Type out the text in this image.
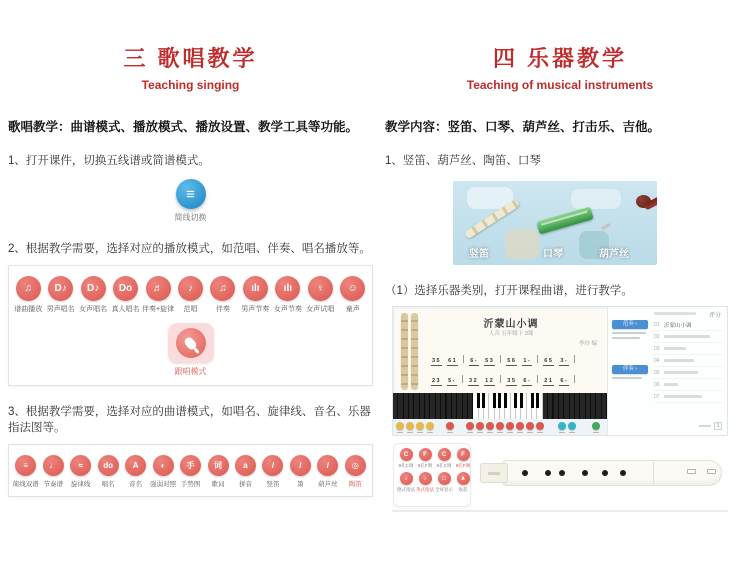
三 歌唱教学
Teaching singing

歌唱教学：曲谱模式、播放模式、播放设置、教学工具等功能。

1、打开课件，切换五线谱或简谱模式。

≡
简线切换

2、根据教学需要，选择对应的播放模式，如范唱、伴奏、唱名播放等。

♫
谱曲播放
D♪
男声唱名
D♪
女声唱名
Do
真人唱名
♬
伴奏+旋律
♪
范唱
♫
伴奏
ılı
男声节奏
ılı
女声节奏
♀
女声试唱
☺
童声
跟唱模式

3、根据教学需要，选择对应的曲谱模式，如唱名、旋律线、音名、乐器指法图等。

≡
简线双谱
♩
节奏谱
≈
旋律线
do
唱名
A
音名
◐
强弱对照
手
手势图
词
歌词
a
拼音
/
竖笛
/
箫
/
葫芦丝
◎
陶笛
四 乐器教学
Teaching of musical instruments

教学内容：竖笛、口琴、葫芦丝、打击乐、吉他。

1、竖笛、葫芦丝、陶笛、口琴

竖笛	口琴	葫芦丝

（1）选择乐器类别，打开课程曲谱，进行教学。

沂蒙山小调
人音 五年级下 3课
李玲 编
35 61 6- 53 56 1- 65 3-
23 5- 32 12 35 6- 21 6-
评分
范奏 ›
伴奏 ›
01 沂蒙山小调
02
03
04
05
06
07
1
C
8孔C调
F
6孔F调
C
6孔C调
F
8孔F调
♪
德式指法
♪
英式指法
□
全屏显示
∧
收起
